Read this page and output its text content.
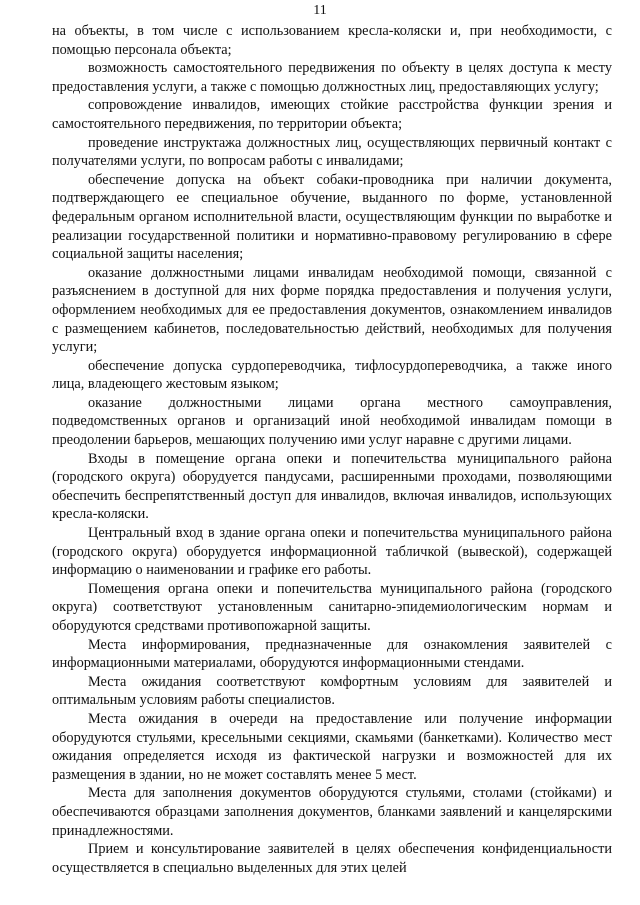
11

на объекты, в том числе с использованием кресла-коляски и, при необходимости, с помощью персонала объекта;

возможность самостоятельного передвижения по объекту в целях доступа к месту предоставления услуги, а также с помощью должностных лиц, предоставляющих услугу;

сопровождение инвалидов, имеющих стойкие расстройства функции зрения и самостоятельного передвижения, по территории объекта;

проведение инструктажа должностных лиц, осуществляющих первичный контакт с получателями услуги, по вопросам работы с инвалидами;

обеспечение допуска на объект собаки-проводника при наличии документа, подтверждающего ее специальное обучение, выданного по форме, установленной федеральным органом исполнительной власти, осуществляющим функции по выработке и реализации государственной политики и нормативно-правовому регулированию в сфере социальной защиты населения;

оказание должностными лицами инвалидам необходимой помощи, связанной с разъяснением в доступной для них форме порядка предоставления и получения услуги, оформлением необходимых для ее предоставления документов, ознакомлением инвалидов с размещением кабинетов, последовательностью действий, необходимых для получения услуги;

обеспечение допуска сурдопереводчика, тифлосурдопереводчика, а также иного лица, владеющего жестовым языком;

оказание должностными лицами органа местного самоуправления, подведомственных органов и организаций иной необходимой инвалидам помощи в преодолении барьеров, мешающих получению ими услуг наравне с другими лицами.

Входы в помещение органа опеки и попечительства муниципального района (городского округа) оборудуется пандусами, расширенными проходами, позволяющими обеспечить беспрепятственный доступ для инвалидов, включая инвалидов, использующих кресла-коляски.

Центральный вход в здание органа опеки и попечительства муниципального района (городского округа) оборудуется информационной табличкой (вывеской), содержащей информацию о наименовании и графике его работы.

Помещения органа опеки и попечительства муниципального района (городского округа) соответствуют установленным санитарно-эпидемиологическим нормам и оборудуются средствами противопожарной защиты.

Места информирования, предназначенные для ознакомления заявителей с информационными материалами, оборудуются информационными стендами.

Места ожидания соответствуют комфортным условиям для заявителей и оптимальным условиям работы специалистов.

Места ожидания в очереди на предоставление или получение информации оборудуются стульями, кресельными секциями, скамьями (банкетками). Количество мест ожидания определяется исходя из фактической нагрузки и возможностей для их размещения в здании, но не может составлять менее 5 мест.

Места для заполнения документов оборудуются стульями, столами (стойками) и обеспечиваются образцами заполнения документов, бланками заявлений и канцелярскими принадлежностями.

Прием и консультирование заявителей в целях обеспечения конфиденциальности осуществляется в специально выделенных для этих целей
